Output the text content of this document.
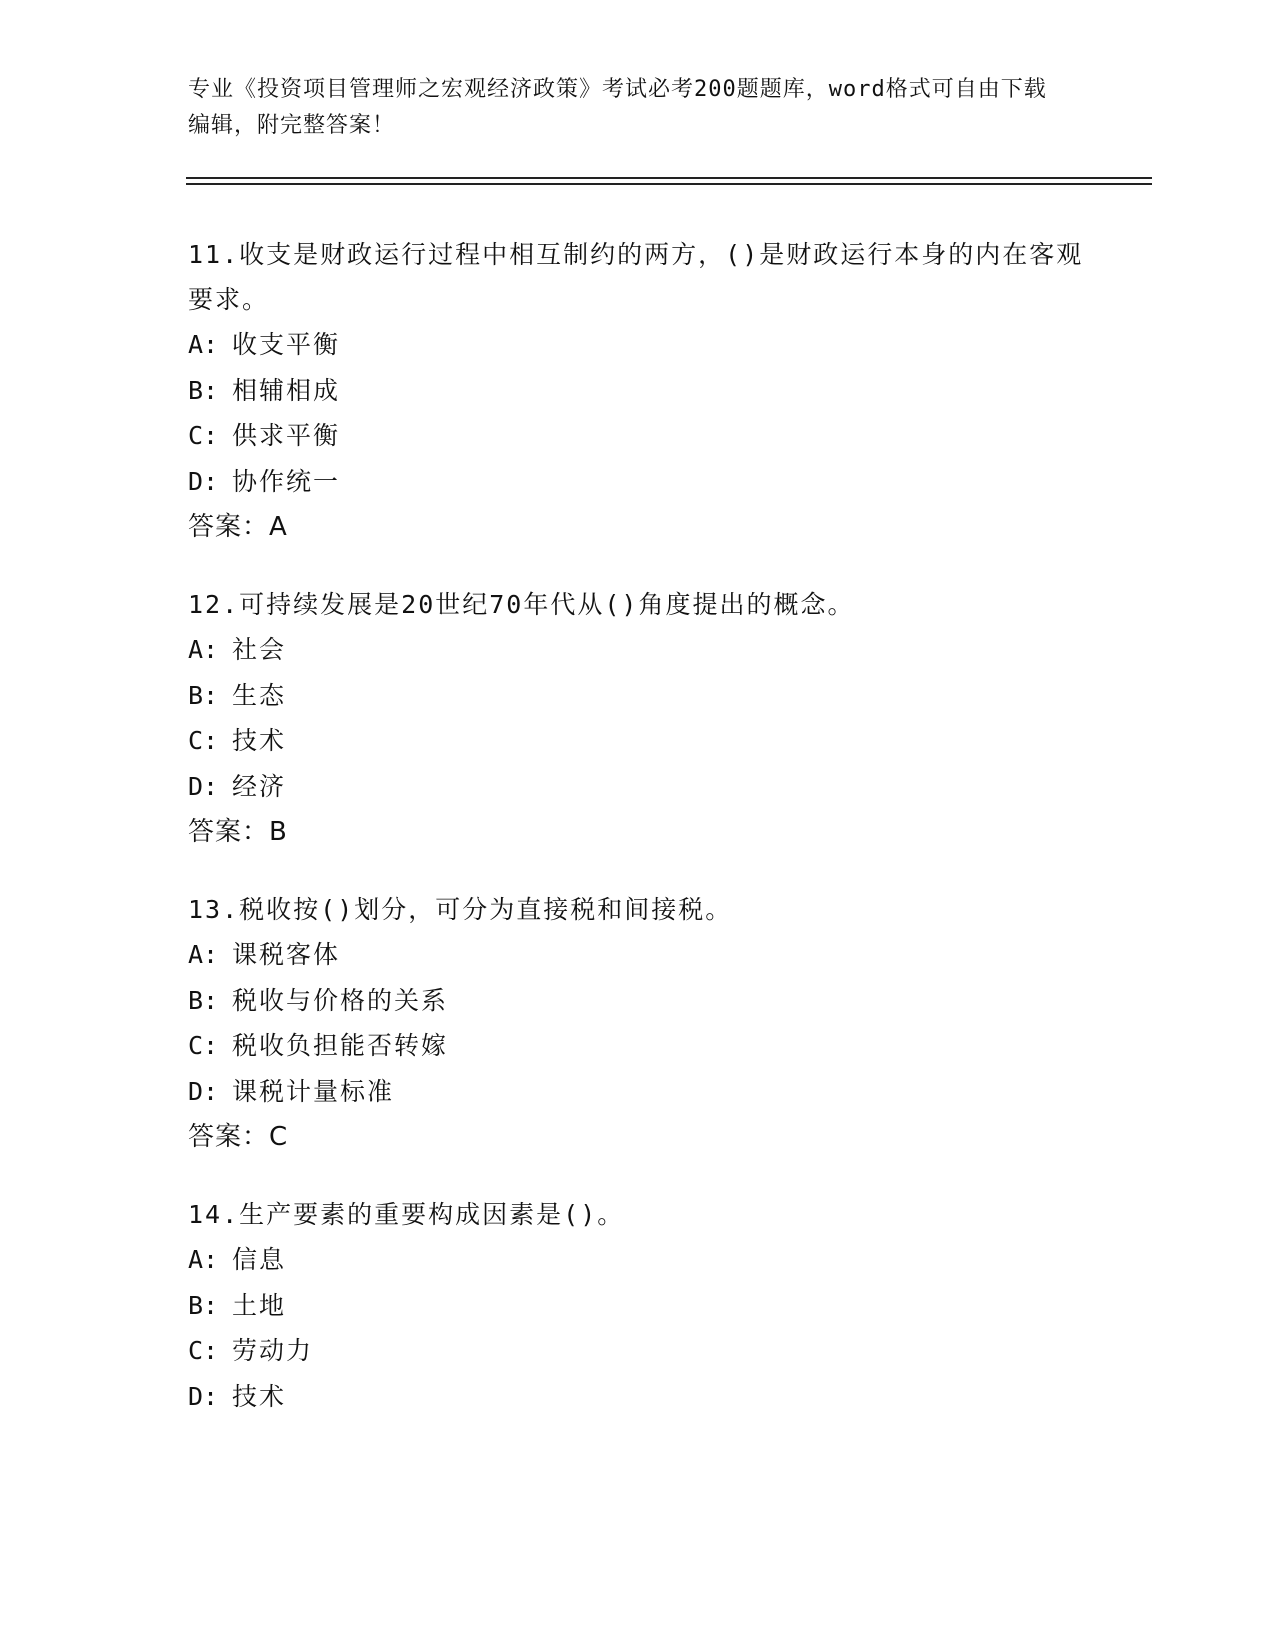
专业《投资项目管理师之宏观经济政策》考试必考200题题库，word格式可自由下载编辑，附完整答案！
11.收支是财政运行过程中相互制约的两方，()是财政运行本身的内在客观要求。
A: 收支平衡
B: 相辅相成
C: 供求平衡
D: 协作统一
答案：A
12.可持续发展是20世纪70年代从()角度提出的概念。
A: 社会
B: 生态
C: 技术
D: 经济
答案：B
13.税收按()划分，可分为直接税和间接税。
A: 课税客体
B: 税收与价格的关系
C: 税收负担能否转嫁
D: 课税计量标准
答案：C
14.生产要素的重要构成因素是()。
A: 信息
B: 土地
C: 劳动力
D: 技术
